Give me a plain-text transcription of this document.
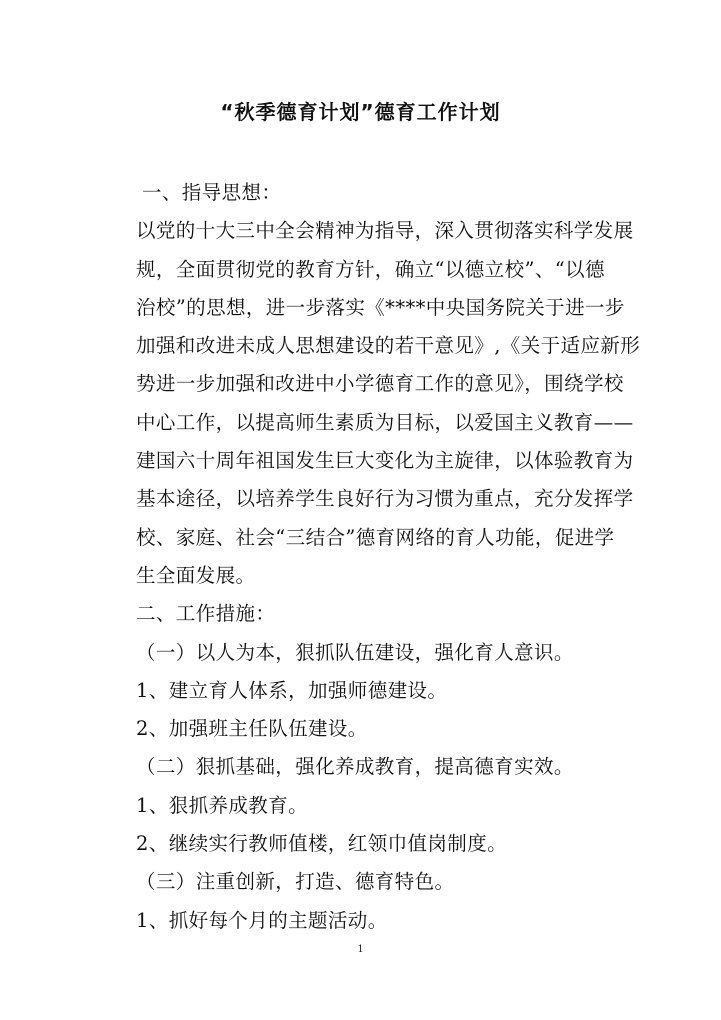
“秋季德育计划”德育工作计划
一、指导思想：
以党的十大三中全会精神为指导，深入贯彻落实科学发展
规，全面贯彻党的教育方针，确立“以德立校”、“以德
治校”的思想，进一步落实《****中央国务院关于进一步
加强和改进未成人思想建设的若干意见》,《关于适应新形
势进一步加强和改进中小学德育工作的意见》，围绕学校
中心工作，以提高师生素质为目标，以爱国主义教育——
建国六十周年祖国发生巨大变化为主旋律，以体验教育为
基本途径，以培养学生良好行为习惯为重点，充分发挥学
校、家庭、社会“三结合”德育网络的育人功能，促进学
生全面发展。
二、工作措施：
（一）以人为本，狠抓队伍建设，强化育人意识。
1、建立育人体系，加强师德建设。
2、加强班主任队伍建设。
（二）狠抓基础，强化养成教育，提高德育实效。
1、狠抓养成教育。
2、继续实行教师值楼，红领巾值岗制度。
（三）注重创新，打造、德育特色。
1、抓好每个月的主题活动。
1
